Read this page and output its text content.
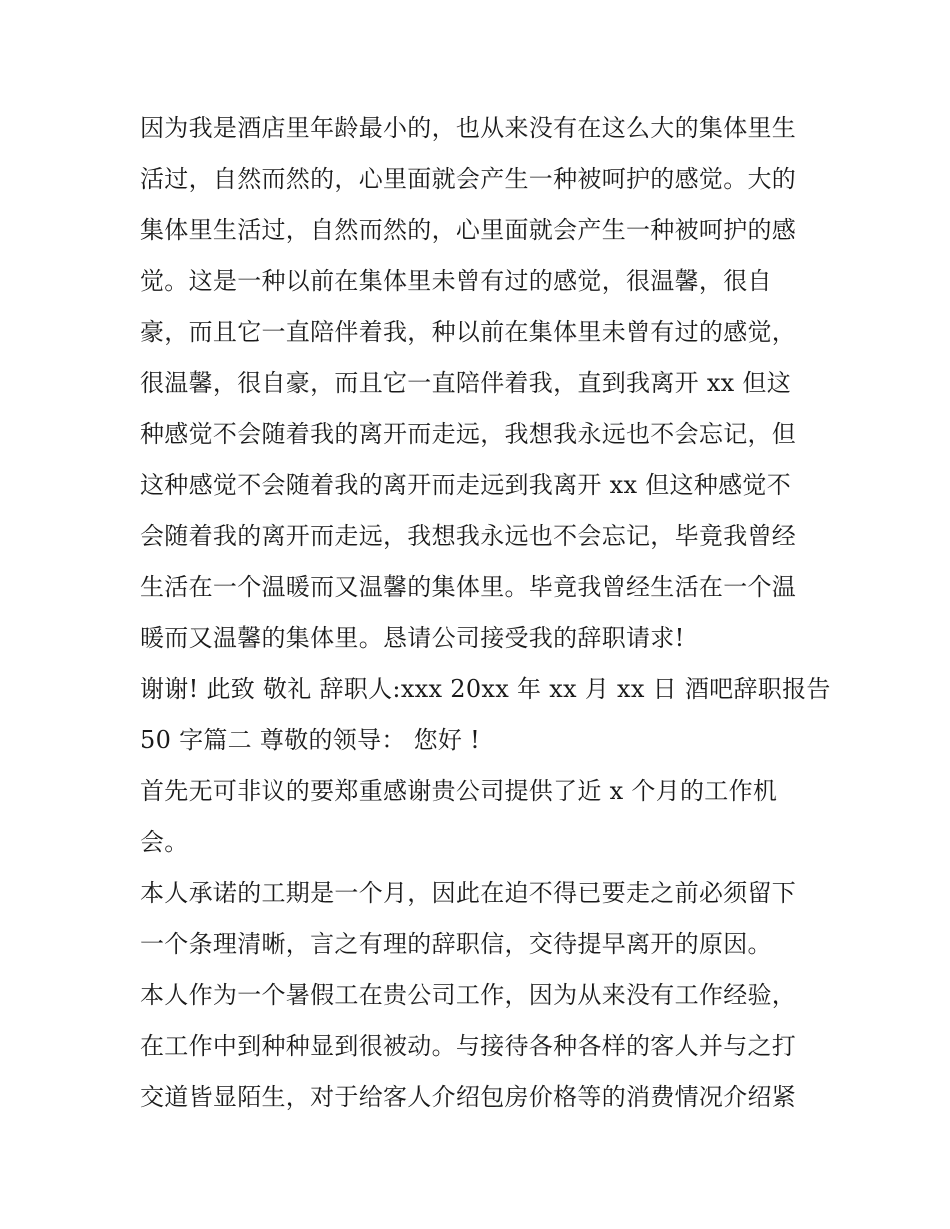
因为我是酒店里年龄最小的，也从来没有在这么大的集体里生
活过，自然而然的，心里面就会产生一种被呵护的感觉。大的
集体里生活过，自然而然的，心里面就会产生一种被呵护的感
觉。这是一种以前在集体里未曾有过的感觉，很温馨，很自
豪，而且它一直陪伴着我，种以前在集体里未曾有过的感觉，
很温馨，很自豪，而且它一直陪伴着我，直到我离开 xx 但这
种感觉不会随着我的离开而走远，我想我永远也不会忘记，但
这种感觉不会随着我的离开而走远到我离开 xx 但这种感觉不
会随着我的离开而走远，我想我永远也不会忘记，毕竟我曾经
生活在一个温暖而又温馨的集体里。毕竟我曾经生活在一个温
暖而又温馨的集体里。恳请公司接受我的辞职请求!
谢谢! 此致 敬礼 辞职人:xxx 20xx 年 xx 月 xx 日 酒吧辞职报告
50 字篇二 尊敬的领导： 您好 !
首先无可非议的要郑重感谢贵公司提供了近 x 个月的工作机
会。
本人承诺的工期是一个月，因此在迫不得已要走之前必须留下
一个条理清晰，言之有理的辞职信，交待提早离开的原因。
本人作为一个暑假工在贵公司工作，因为从来没有工作经验，
在工作中到种种显到很被动。与接待各种各样的客人并与之打
交道皆显陌生，对于给客人介绍包房价格等的消费情况介绍紧
